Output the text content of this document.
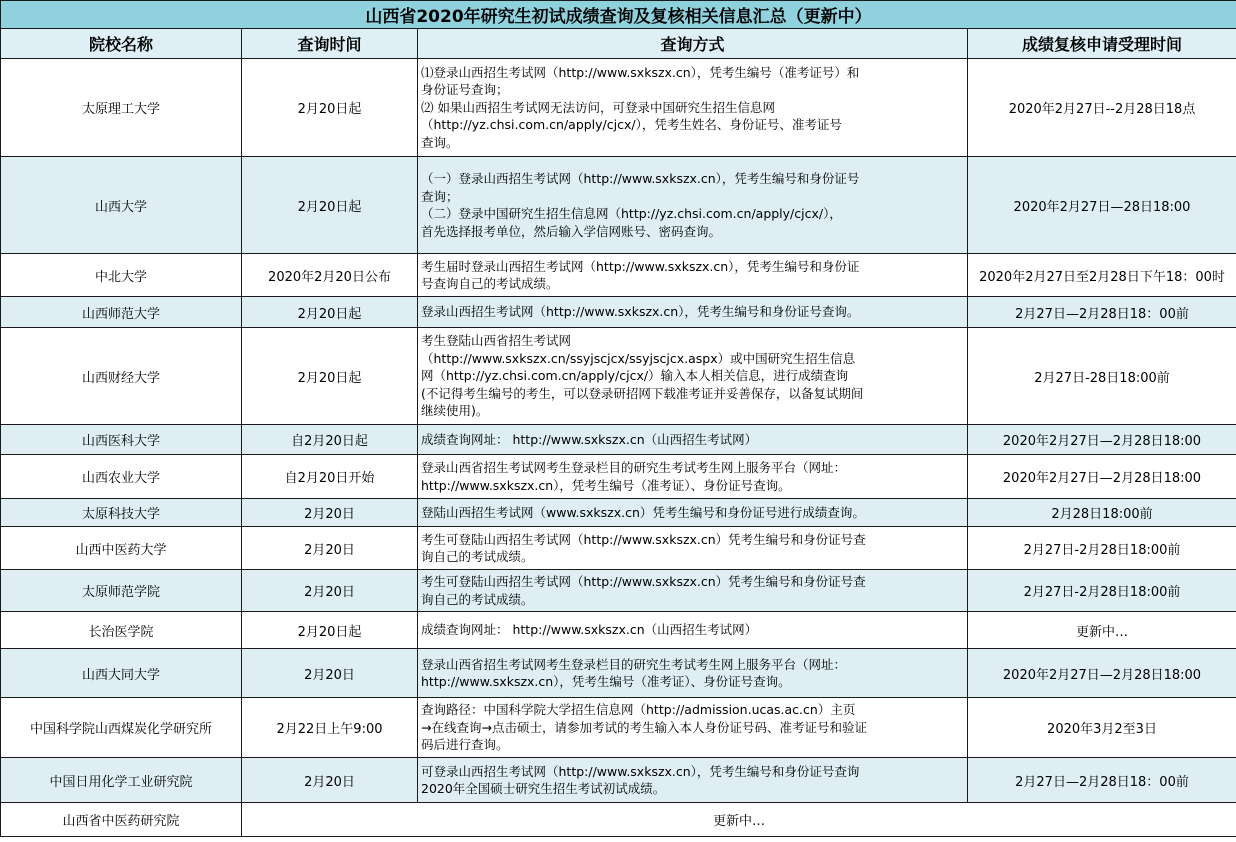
山西省2020年研究生初试成绩查询及复核相关信息汇总（更新中）			
院校名称	查询时间	查询方式	成绩复核申请受理时间
太原理工大学	2月20日起	⑴登录山西招生考试网（http://www.sxkszx.cn），凭考生编号（准考证号）和
身份证号查询；
⑵ 如果山西招生考试网无法访问，可登录中国研究生招生信息网
（http://yz.chsi.com.cn/apply/cjcx/），凭考生姓名、身份证号、准考证号
查询。	2020年2月27日--2月28日18点
山西大学	2月20日起	（一）登录山西招生考试网（http://www.sxkszx.cn），凭考生编号和身份证号
查询；
（二）登录中国研究生招生信息网（http://yz.chsi.com.cn/apply/cjcx/），
首先选择报考单位，然后输入学信网账号、密码查询。	2020年2月27日—28日18:00
中北大学	2020年2月20日公布	考生届时登录山西招生考试网（http://www.sxkszx.cn），凭考生编号和身份证
号查询自己的考试成绩。	2020年2月27日至2月28日下午18：00时
山西师范大学	2月20日起	登录山西招生考试网（http://www.sxkszx.cn），凭考生编号和身份证号查询。	2月27日—2月28日18：00前
山西财经大学	2月20日起	考生登陆山西省招生考试网
（http://www.sxkszx.cn/ssyjscjcx/ssyjscjcx.aspx）或中国研究生招生信息
网（http://yz.chsi.com.cn/apply/cjcx/）输入本人相关信息，进行成绩查询
(不记得考生编号的考生，可以登录研招网下载准考证并妥善保存，以备复试期间
继续使用)。	2月27日-28日18:00前
山西医科大学	自2月20日起	成绩查询网址： http://www.sxkszx.cn（山西招生考试网）	2020年2月27日—2月28日18:00
山西农业大学	自2月20日开始	登录山西省招生考试网考生登录栏目的研究生考试考生网上服务平台（网址：
http://www.sxkszx.cn），凭考生编号（准考证）、身份证号查询。	2020年2月27日—2月28日18:00
太原科技大学	2月20日	登陆山西招生考试网（www.sxkszx.cn）凭考生编号和身份证号进行成绩查询。	2月28日18:00前
山西中医药大学	2月20日	考生可登陆山西招生考试网（http://www.sxkszx.cn）凭考生编号和身份证号查
询自己的考试成绩。	2月27日-2月28日18:00前
太原师范学院	2月20日	考生可登陆山西招生考试网（http://www.sxkszx.cn）凭考生编号和身份证号查
询自己的考试成绩。	2月27日-2月28日18:00前
长治医学院	2月20日起	成绩查询网址： http://www.sxkszx.cn（山西招生考试网）	更新中…
山西大同大学	2月20日	登录山西省招生考试网考生登录栏目的研究生考试考生网上服务平台（网址：
http://www.sxkszx.cn），凭考生编号（准考证）、身份证号查询。	2020年2月27日—2月28日18:00
中国科学院山西煤炭化学研究所	2月22日上午9:00	查询路径：中国科学院大学招生信息网（http://admission.ucas.ac.cn）主页
→在线查询→点击硕士，请参加考试的考生输入本人身份证号码、准考证号和验证
码后进行查询。	2020年3月2至3日
中国日用化学工业研究院	2月20日	可登录山西招生考试网（http://www.sxkszx.cn），凭考生编号和身份证号查询
2020年全国硕士研究生招生考试初试成绩。	2月27日—2月28日18：00前
山西省中医药研究院	更新中…		
